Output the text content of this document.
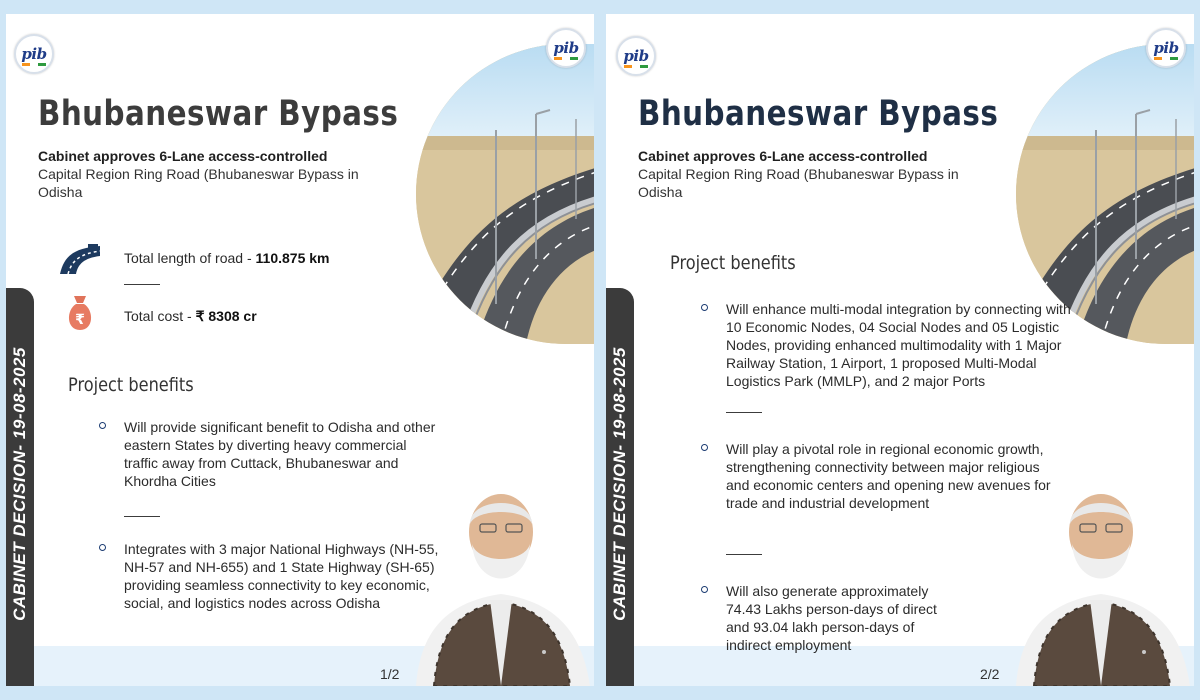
pib	pib
CABINET DECISION- 19-08-2025
Bhubaneswar Bypass
Cabinet approves 6-Lane access-controlled
Capital Region Ring Road (Bhubaneswar Bypass in Odisha
Total length of road - 110.875 km
₹	Total cost - ₹ 8308 cr
Project benefits
Will provide significant benefit to Odisha and other eastern States by diverting heavy commercial traffic away from Cuttack, Bhubaneswar and Khordha Cities
Integrates with 3 major National Highways (NH-55, NH-57 and NH-655) and 1 State Highway (SH-65) providing seamless connectivity to key economic, social, and logistics nodes across Odisha
1/2
pib	pib
CABINET DECISION- 19-08-2025
Bhubaneswar Bypass
Cabinet approves 6-Lane access-controlled
Capital Region Ring Road (Bhubaneswar Bypass in Odisha
Project benefits
Will enhance multi-modal integration by connecting with 10 Economic Nodes, 04 Social Nodes and 05 Logistic Nodes, providing enhanced multimodality with 1 Major Railway Station, 1 Airport, 1 proposed Multi-Modal Logistics Park (MMLP), and 2 major Ports
Will play a pivotal role in regional economic growth, strengthening connectivity between major religious and economic centers and opening new avenues for trade and industrial development
Will also generate approximately 74.43 Lakhs person-days of direct and 93.04 lakh person-days of indirect employment
2/2
